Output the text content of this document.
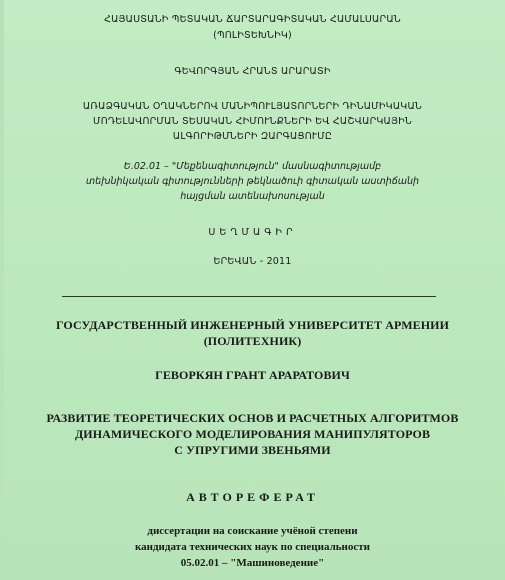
ՀԱՅԱՍՏԱՆԻ ՊԵՏԱԿԱՆ ՃԱՐՏԱՐԱԳԻՏԱԿԱՆ ՀԱՄԱԼՍԱՐԱՆ
(ՊՈԼԻՏԵԽՆԻԿ)
ԳԵՎՈՐԳՅԱՆ ՀՐԱՆՏ ԱՐԱՐԱՏԻ
ԱՌԱՁԳԱԿԱՆ ՕՂԱԿՆԵՐՈՎ ՄԱՆԻՊՈՒԼՅԱՏՈՐՆԵՐԻ ԴԻՆԱՄԻԿԱԿԱՆ
ՄՈԴԵԼԱՎՈՐՄԱՆ ՏԵՍԱԿԱՆ ՀԻՄՈՒՆՔՆԵՐԻ ԵՎ ՀԱՇՎԱՐԿԱՅԻՆ
ԱԼԳՈՐԻԹՄՆԵՐԻ ԶԱՐԳԱՑՈՒՄԸ
Ե.02.01 – "Մեքենագիտություն" մասնագիտությամբ
տեխնիկական գիտությունների թեկնածուի գիտական աստիճանի
հայցման ատենախոսության
ՍԵՂՄԱԳԻՐ
ԵՐԵՎԱՆ - 2011
ГОСУДАРСТВЕННЫЙ ИНЖЕНЕРНЫЙ УНИВЕРСИТЕТ АРМЕНИИ
(ПОЛИТЕХНИК)
ГЕВОРКЯН ГРАНТ АРАРАТОВИЧ
РАЗВИТИЕ ТЕОРЕТИЧЕСКИХ ОСНОВ И РАСЧЕТНЫХ АЛГОРИТМОВ
ДИНАМИЧЕСКОГО МОДЕЛИРОВАНИЯ МАНИПУЛЯТОРОВ
С УПРУГИМИ ЗВЕНЬЯМИ
АВТОРЕФЕРАТ
диссертации на соискание учёной степени
кандидата технических наук по специальности
05.02.01 – "Машиноведение"
